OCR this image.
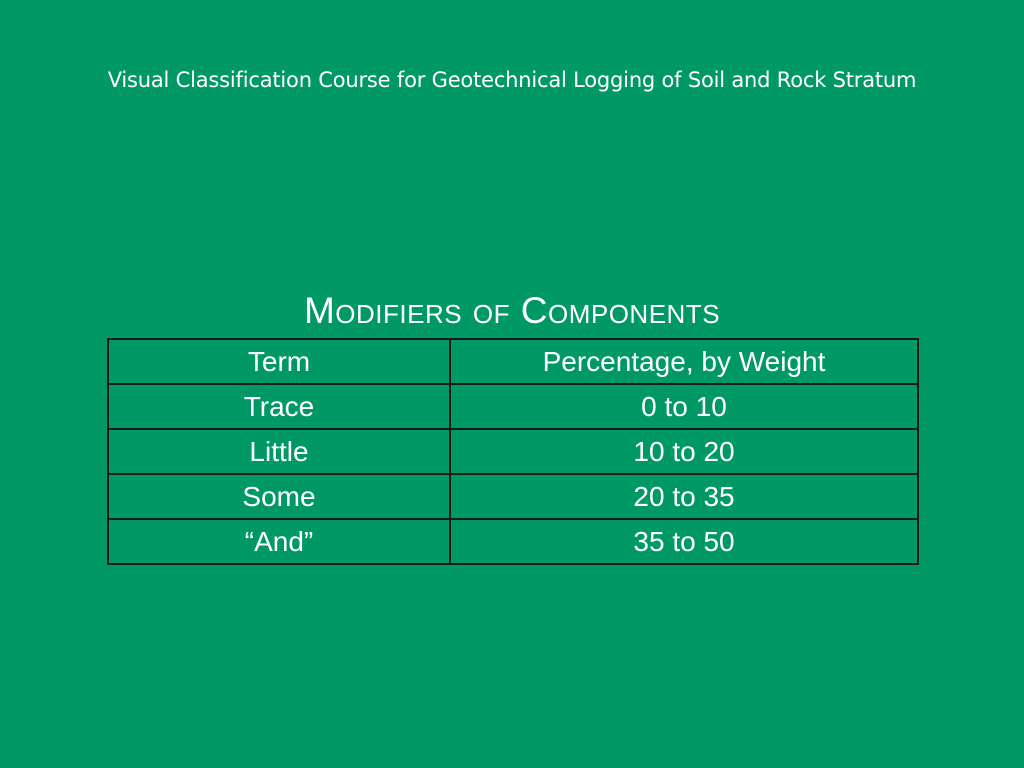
Visual Classification Course for Geotechnical Logging of Soil and Rock Stratum
Modifiers of Components
Term	Percentage, by Weight
Trace	0 to 10
Little	10 to 20
Some	20 to 35
“And”	35 to 50
